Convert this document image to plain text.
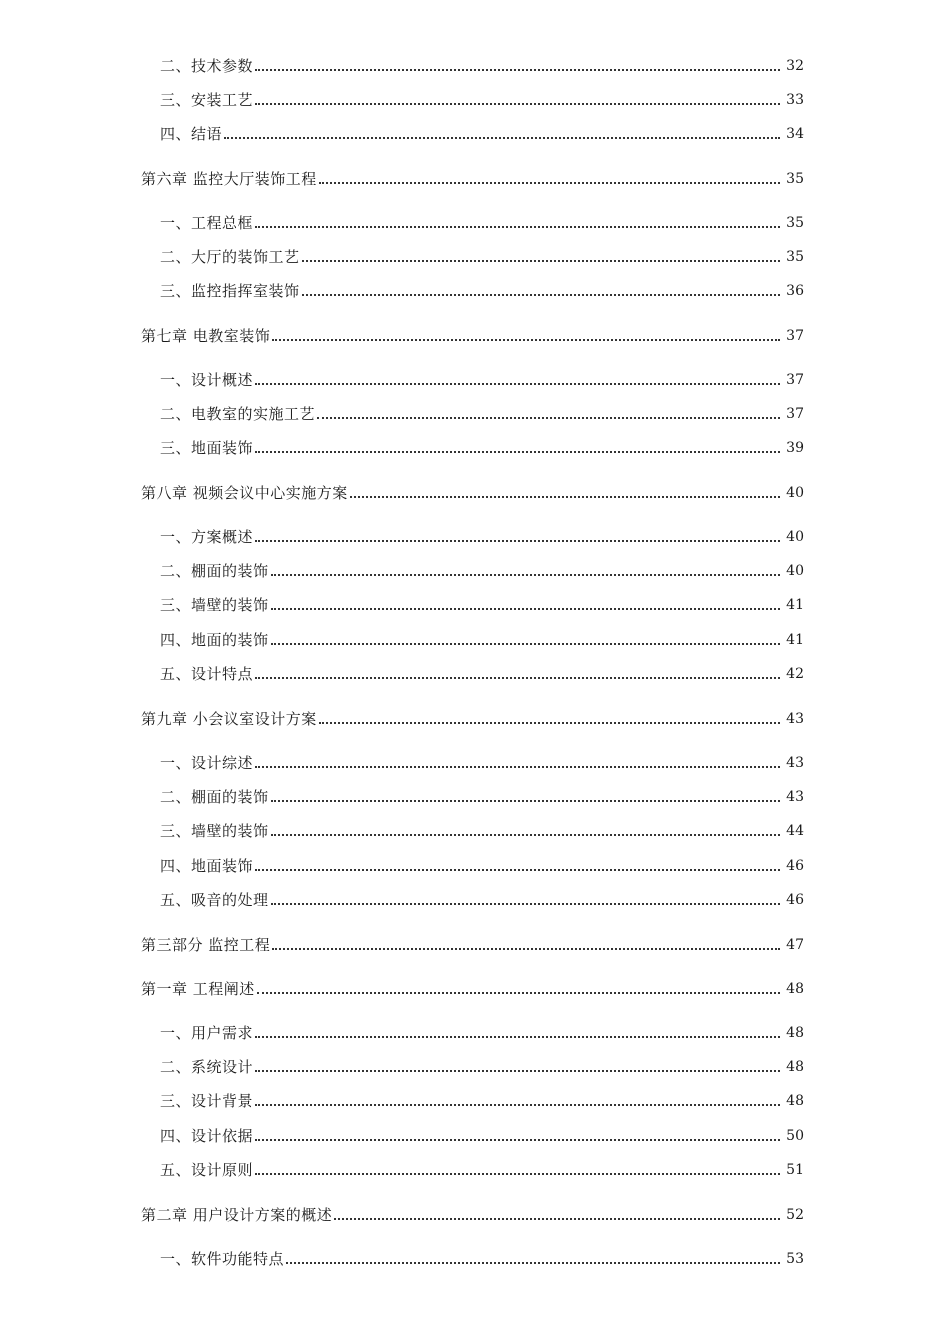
二、技术参数	32
三、安装工艺	33
四、结语	34
第六章 监控大厅装饰工程	35
一、工程总框	35
二、大厅的装饰工艺	35
三、监控指挥室装饰	36
第七章 电教室装饰	37
一、设计概述	37
二、电教室的实施工艺	37
三、地面装饰	39
第八章 视频会议中心实施方案	40
一、方案概述	40
二、棚面的装饰	40
三、墙壁的装饰	41
四、地面的装饰	41
五、设计特点	42
第九章 小会议室设计方案	43
一、设计综述	43
二、棚面的装饰	43
三、墙壁的装饰	44
四、地面装饰	46
五、吸音的处理	46
第三部分 监控工程	47
第一章 工程阐述	48
一、用户需求	48
二、系统设计	48
三、设计背景	48
四、设计依据	50
五、设计原则	51
第二章 用户设计方案的概述	52
一、软件功能特点	53
